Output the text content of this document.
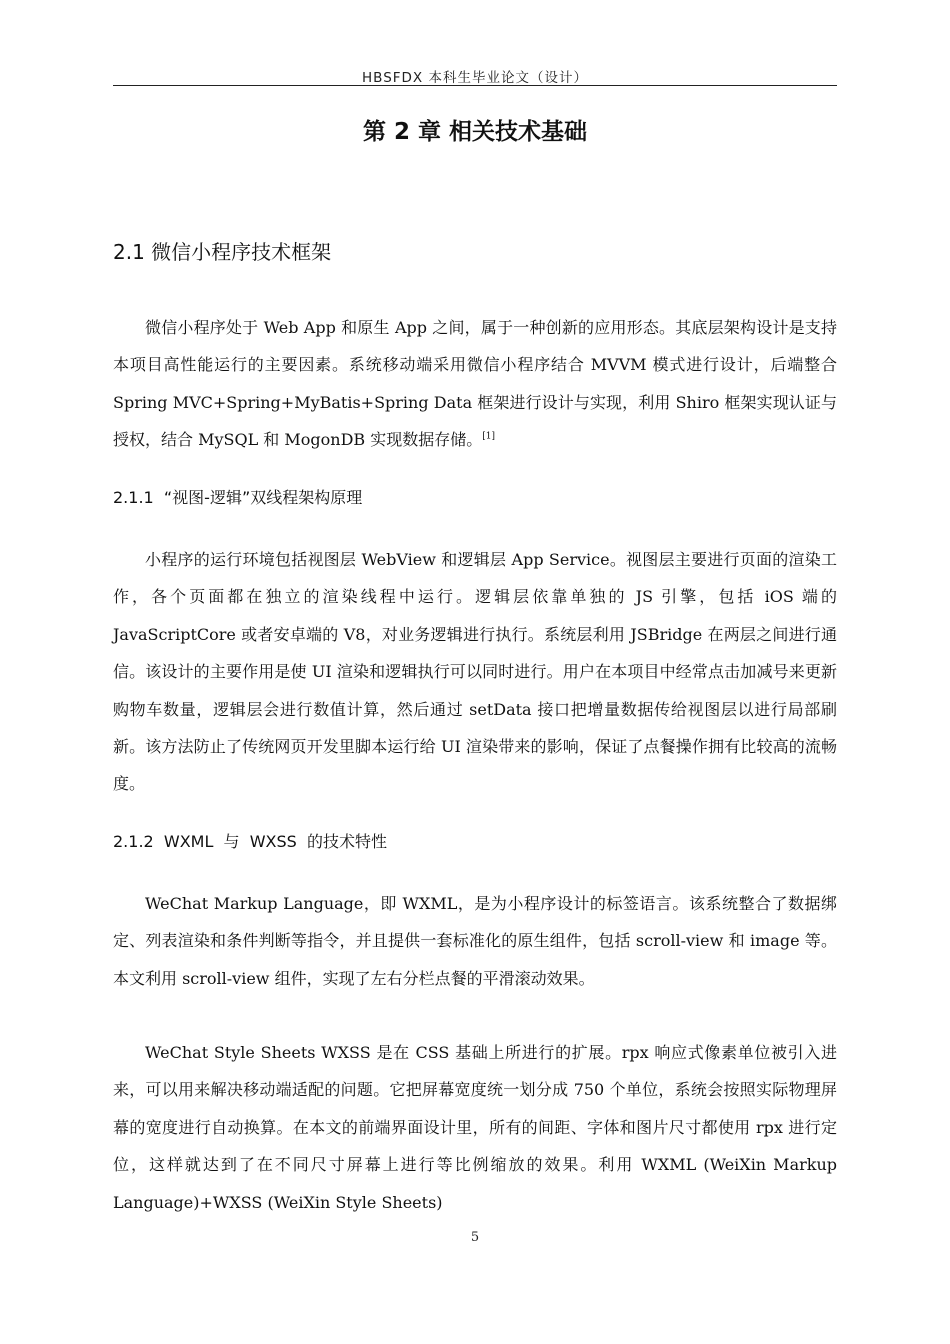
HBSFDX 本科生毕业论文（设计）
第 2 章 相关技术基础
2.1 微信小程序技术框架

微信小程序处于 Web App 和原生 App 之间，属于一种创新的应用形态。其底层架构设计是支持本项目高性能运行的主要因素。系统移动端采用微信小程序结合 MVVM 模式进行设计，后端整合 Spring MVC+Spring+MyBatis+Spring Data 框架进行设计与实现，利用 Shiro 框架实现认证与授权，结合 MySQL 和 MogonDB 实现数据存储。[1]

2.1.1  “视图-逻辑”双线程架构原理

小程序的运行环境包括视图层 WebView 和逻辑层 App Service。视图层主要进行页面的渲染工作，各个页面都在独立的渲染线程中运行。逻辑层依靠单独的 JS 引擎，包括 iOS 端的 JavaScriptCore 或者安卓端的 V8，对业务逻辑进行执行。系统层利用 JSBridge 在两层之间进行通信。该设计的主要作用是使 UI 渲染和逻辑执行可以同时进行。用户在本项目中经常点击加减号来更新购物车数量，逻辑层会进行数值计算，然后通过 setData 接口把增量数据传给视图层以进行局部刷新。该方法防止了传统网页开发里脚本运行给 UI 渲染带来的影响，保证了点餐操作拥有比较高的流畅度。

2.1.2  WXML  与  WXSS  的技术特性

WeChat Markup Language，即 WXML，是为小程序设计的标签语言。该系统整合了数据绑定、列表渲染和条件判断等指令，并且提供一套标准化的原生组件，包括 scroll-view 和 image 等。本文利用 scroll-view 组件，实现了左右分栏点餐的平滑滚动效果。

WeChat Style Sheets WXSS 是在 CSS 基础上所进行的扩展。rpx 响应式像素单位被引入进来，可以用来解决移动端适配的问题。它把屏幕宽度统一划分成 750 个单位，系统会按照实际物理屏幕的宽度进行自动换算。在本文的前端界面设计里，所有的间距、字体和图片尺寸都使用 rpx 进行定位，这样就达到了在不同尺寸屏幕上进行等比例缩放的效果。利用 WXML (WeiXin Markup Language)+WXSS (WeiXin Style Sheets)

5
